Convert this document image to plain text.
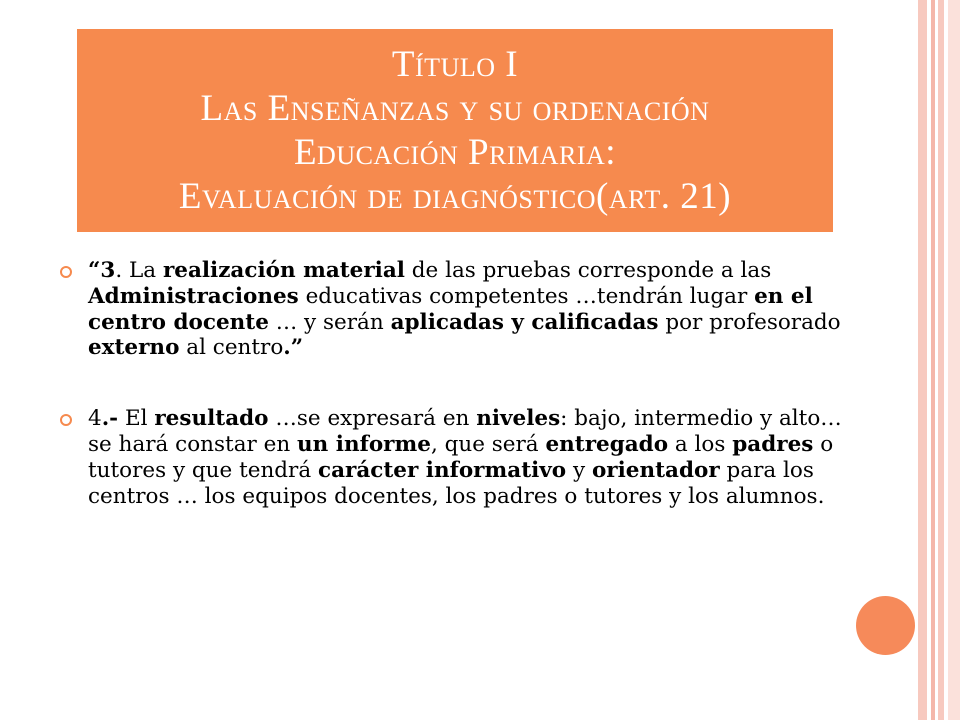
Título I

Las Enseñanzas y su ordenación

Educación Primaria:

Evaluación de diagnóstico(art. 21)

“3. La realización material de las pruebas corresponde a las Administraciones educativas competentes …tendrán lugar en el centro docente … y serán aplicadas y calificadas por profesorado externo al centro.”
4.- El resultado …se expresará en niveles: bajo, intermedio y alto…se hará constar en un informe, que será entregado a los padres o tutores y que tendrá carácter informativo y orientador para los centros … los equipos docentes, los padres o tutores y los alumnos.
